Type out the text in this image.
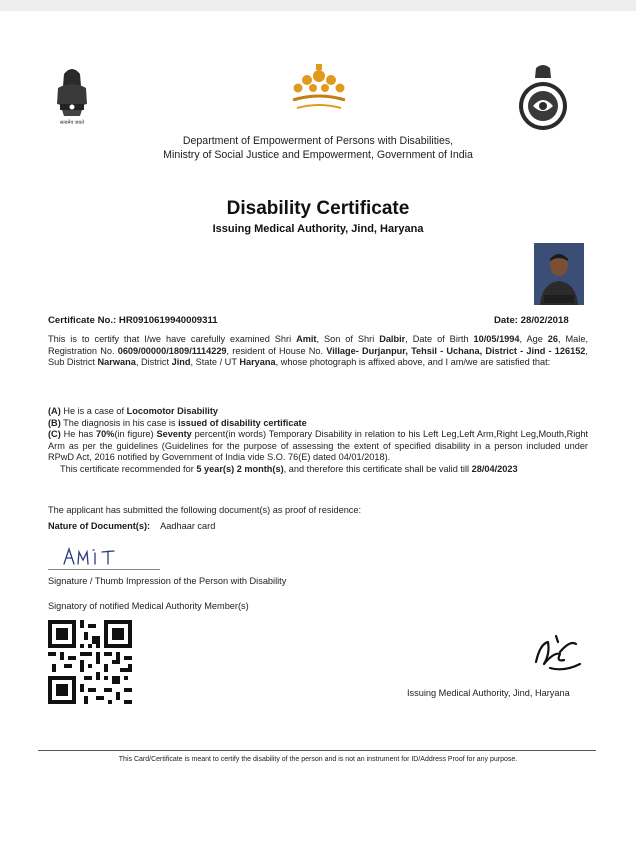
सत्यमेव जयते
Department of Empowerment of Persons with Disabilities,
Ministry of Social Justice and Empowerment, Government of India
Disability Certificate
Issuing Medical Authority, Jind, Haryana
Certificate No.: HR0910619940009311	Date: 28/02/2018
This is to certify that I/we have carefully examined Shri Amit, Son of Shri Dalbir, Date of Birth 10/05/1994, Age 26, Male, Registration No. 0609/00000/1809/1114229, resident of House No. Village- Durjanpur, Tehsil - Uchana, District - Jind - 126152, Sub District Narwana, District Jind, State / UT Haryana, whose photograph is affixed above, and I am/we are satisfied that:
(A) He is a case of Locomotor Disability
(B) The diagnosis in his case is issued of disability certificate
(C) He has 70%(in figure) Seventy percent(in words) Temporary Disability in relation to his Left Leg,Left Arm,Right Leg,Mouth,Right Arm as per the guidelines (Guidelines for the purpose of assessing the extent of specified disability in a person included under RPwD Act, 2016 notified by Government of India vide S.O. 76(E) dated 04/01/2018).
This certificate recommended for 5 year(s) 2 month(s), and therefore this certificate shall be valid till 28/04/2023
The applicant has submitted the following document(s) as proof of residence:
Nature of Document(s): Aadhaar card
Signature / Thumb Impression of the Person with Disability
Signatory of notified Medical Authority Member(s)
Issuing Medical Authority, Jind, Haryana
This Card/Certificate is meant to certify the disability of the person and is not an instrument for ID/Address Proof for any purpose.
